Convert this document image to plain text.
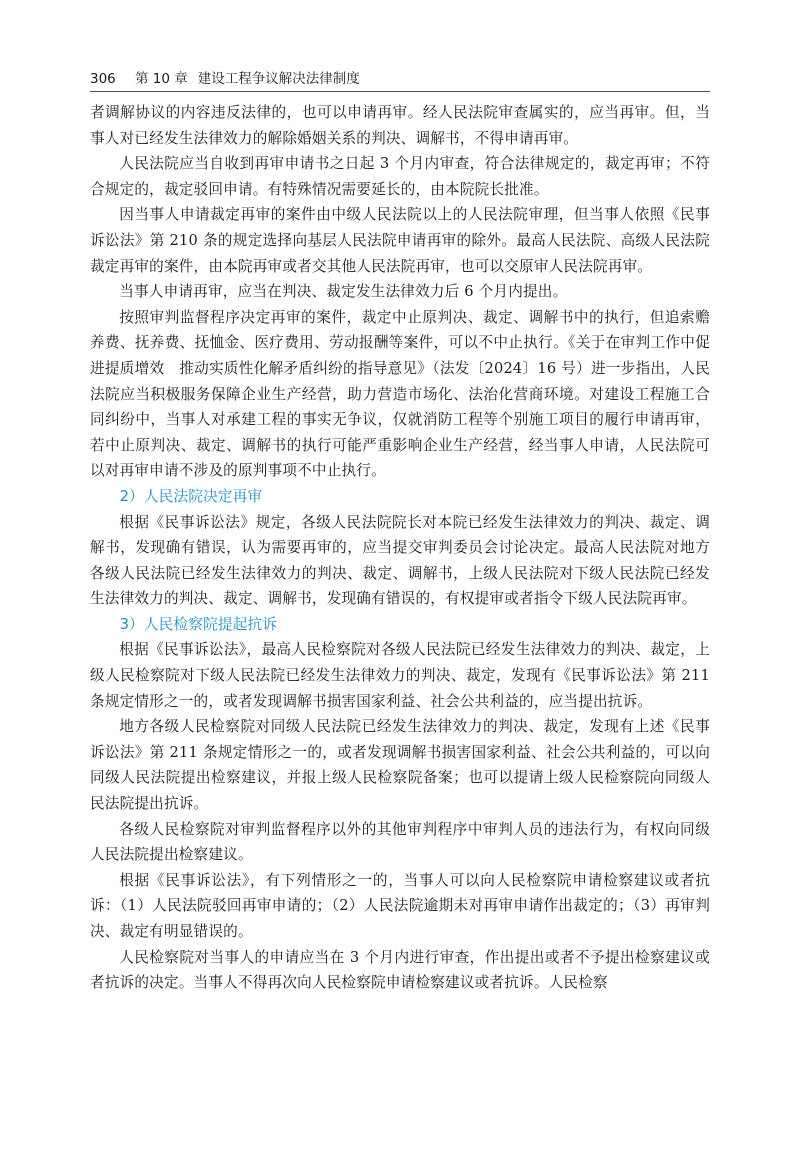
306	第 10 章 建设工程争议解决法律制度

者调解协议的内容违反法律的，也可以申请再审。经人民法院审查属实的，应当再审。但，当事人对已经发生法律效力的解除婚姻关系的判决、调解书，不得申请再审。

人民法院应当自收到再审申请书之日起 3 个月内审查，符合法律规定的，裁定再审；不符合规定的，裁定驳回申请。有特殊情况需要延长的，由本院院长批准。

因当事人申请裁定再审的案件由中级人民法院以上的人民法院审理，但当事人依照《民事诉讼法》第 210 条的规定选择向基层人民法院申请再审的除外。最高人民法院、高级人民法院裁定再审的案件，由本院再审或者交其他人民法院再审，也可以交原审人民法院再审。

当事人申请再审，应当在判决、裁定发生法律效力后 6 个月内提出。

按照审判监督程序决定再审的案件，裁定中止原判决、裁定、调解书中的执行，但追索赡养费、抚养费、抚恤金、医疗费用、劳动报酬等案件，可以不中止执行。《关于在审判工作中促进提质增效　推动实质性化解矛盾纠纷的指导意见》（法发〔2024〕16 号）进一步指出，人民法院应当积极服务保障企业生产经营，助力营造市场化、法治化营商环境。对建设工程施工合同纠纷中，当事人对承建工程的事实无争议，仅就消防工程等个别施工项目的履行申请再审，若中止原判决、裁定、调解书的执行可能严重影响企业生产经营，经当事人申请，人民法院可以对再审申请不涉及的原判事项不中止执行。

2）人民法院决定再审

根据《民事诉讼法》规定，各级人民法院院长对本院已经发生法律效力的判决、裁定、调解书，发现确有错误，认为需要再审的，应当提交审判委员会讨论决定。最高人民法院对地方各级人民法院已经发生法律效力的判决、裁定、调解书，上级人民法院对下级人民法院已经发生法律效力的判决、裁定、调解书，发现确有错误的，有权提审或者指令下级人民法院再审。

3）人民检察院提起抗诉

根据《民事诉讼法》，最高人民检察院对各级人民法院已经发生法律效力的判决、裁定，上级人民检察院对下级人民法院已经发生法律效力的判决、裁定，发现有《民事诉讼法》第 211 条规定情形之一的，或者发现调解书损害国家利益、社会公共利益的，应当提出抗诉。

地方各级人民检察院对同级人民法院已经发生法律效力的判决、裁定，发现有上述《民事诉讼法》第 211 条规定情形之一的，或者发现调解书损害国家利益、社会公共利益的，可以向同级人民法院提出检察建议，并报上级人民检察院备案；也可以提请上级人民检察院向同级人民法院提出抗诉。

各级人民检察院对审判监督程序以外的其他审判程序中审判人员的违法行为，有权向同级人民法院提出检察建议。

根据《民事诉讼法》，有下列情形之一的，当事人可以向人民检察院申请检察建议或者抗诉：（1）人民法院驳回再审申请的；（2）人民法院逾期未对再审申请作出裁定的；（3）再审判决、裁定有明显错误的。

人民检察院对当事人的申请应当在 3 个月内进行审查，作出提出或者不予提出检察建议或者抗诉的决定。当事人不得再次向人民检察院申请检察建议或者抗诉。人民检察
